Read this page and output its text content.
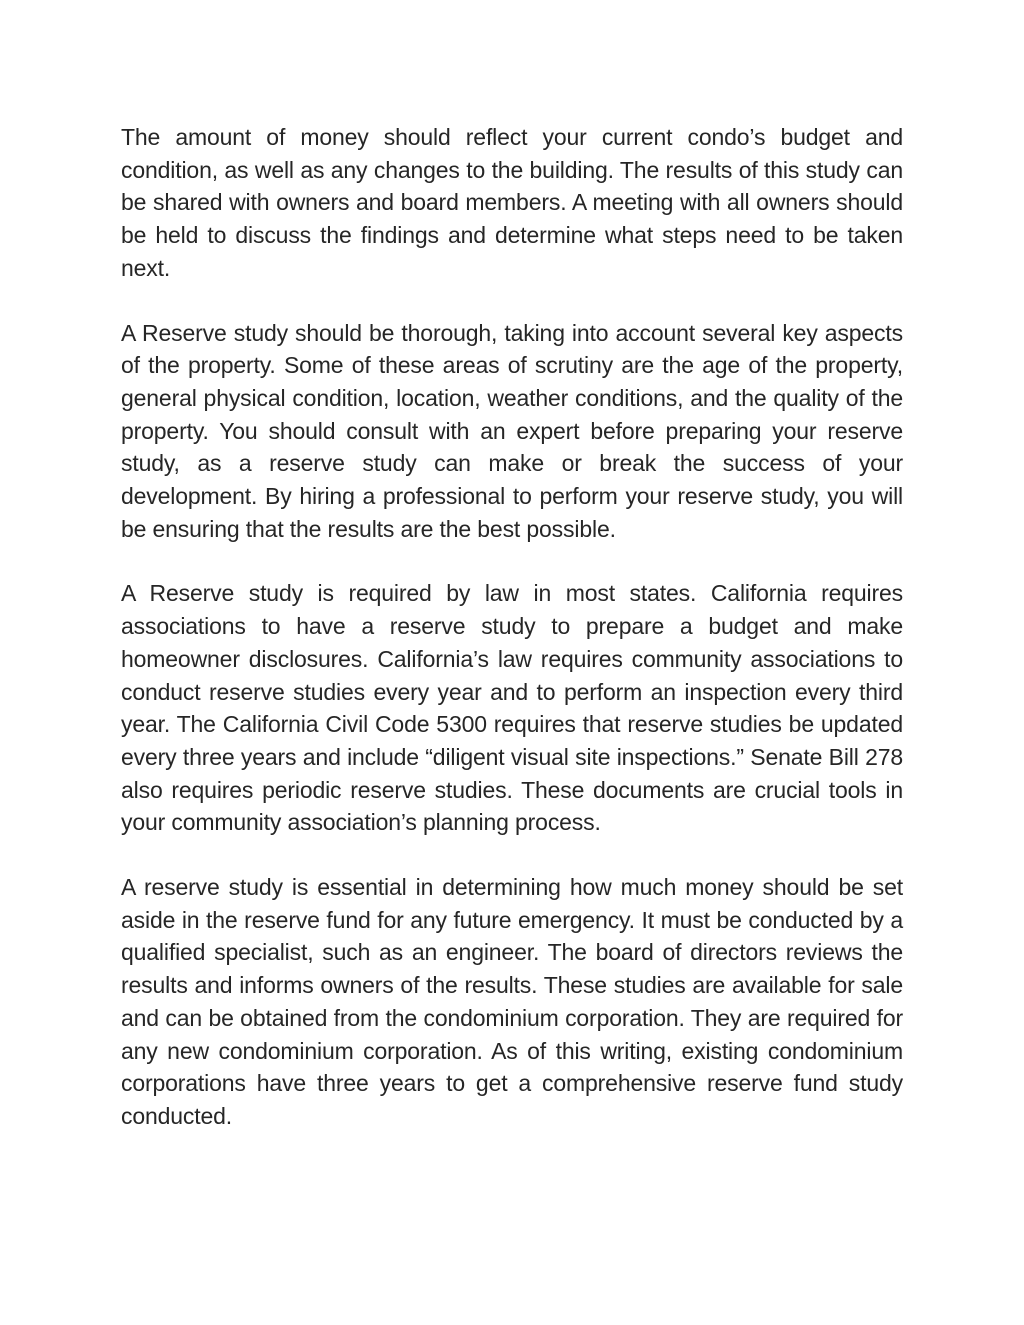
The amount of money should reflect your current condo’s budget and condition, as well as any changes to the building. The results of this study can be shared with owners and board members. A meeting with all owners should be held to discuss the findings and determine what steps need to be taken next.

A Reserve study should be thorough, taking into account several key aspects of the property. Some of these areas of scrutiny are the age of the property, general physical condition, location, weather conditions, and the quality of the property. You should consult with an expert before preparing your reserve study, as a reserve study can make or break the success of your development. By hiring a professional to perform your reserve study, you will be ensuring that the results are the best possible.

A Reserve study is required by law in most states. California requires associations to have a reserve study to prepare a budget and make homeowner disclosures. California’s law requires community associations to conduct reserve studies every year and to perform an inspection every third year. The California Civil Code 5300 requires that reserve studies be updated every three years and include “diligent visual site inspections.” Senate Bill 278 also requires periodic reserve studies. These documents are crucial tools in your community association’s planning process.

A reserve study is essential in determining how much money should be set aside in the reserve fund for any future emergency. It must be conducted by a qualified specialist, such as an engineer. The board of directors reviews the results and informs owners of the results. These studies are available for sale and can be obtained from the condominium corporation. They are required for any new condominium corporation. As of this writing, existing condominium corporations have three years to get a comprehensive reserve fund study conducted.
